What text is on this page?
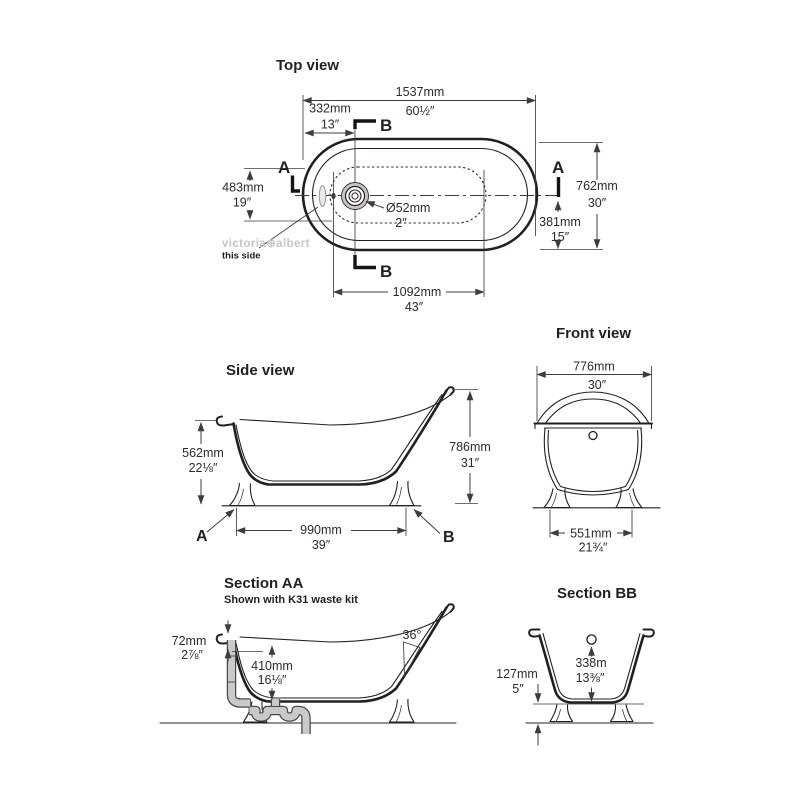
Top view
Ø52mm
2″
victoria⊕albert
this side
1537mm
60½″
332mm
13″
762mm
30″
381mm
15″
483mm
19″
1092mm
43″
B
B
A	A
Side view
562mm
22⅛″
786mm
31″
990mm
39″
A	B
Front view
776mm
30″
551mm
21¾″
Section AA
Shown with K31 waste kit
72mm
2⅞″
410mm
16⅛″
36°
Section BB
338m
13⅜″
127mm
5″
